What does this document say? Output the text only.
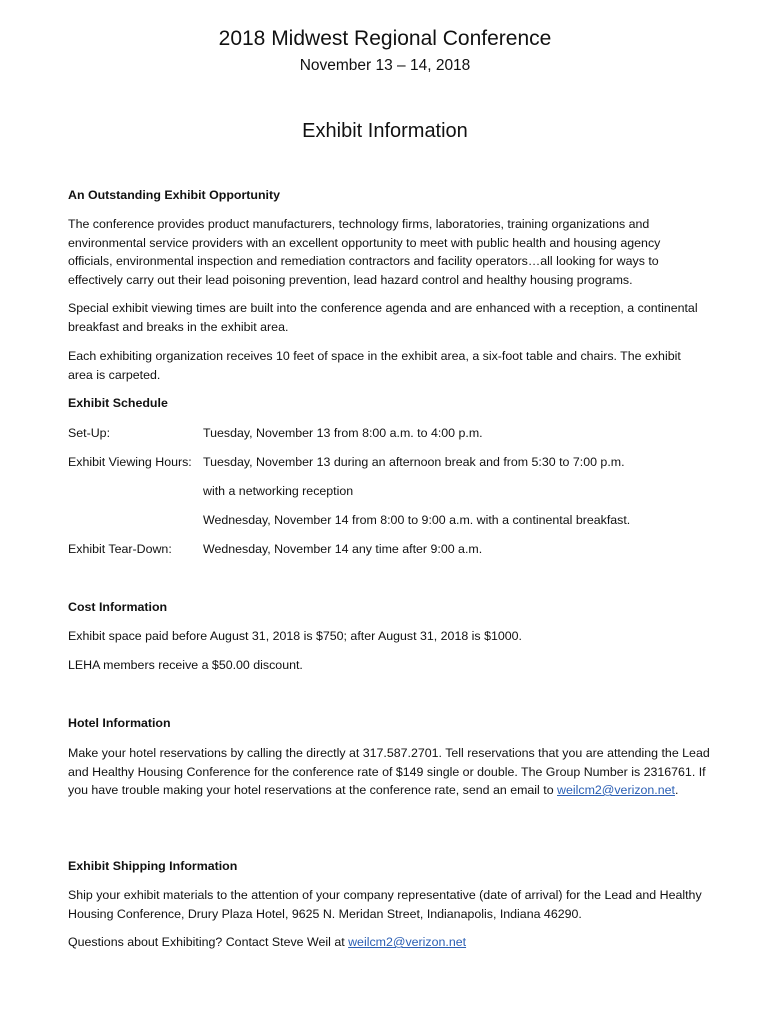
2018 Midwest Regional Conference
November 13 – 14, 2018
Exhibit Information
An Outstanding Exhibit Opportunity

The conference provides product manufacturers, technology firms, laboratories, training organizations and environmental service providers with an excellent opportunity to meet with public health and housing agency officials, environmental inspection and remediation contractors and facility operators…all looking for ways to effectively carry out their lead poisoning prevention, lead hazard control and healthy housing programs.

Special exhibit viewing times are built into the conference agenda and are enhanced with a reception, a continental breakfast and breaks in the exhibit area.

Each exhibiting organization receives 10 feet of space in the exhibit area, a six-foot table and chairs. The exhibit area is carpeted.

Exhibit Schedule
Set-Up:	Tuesday, November 13 from 8:00 a.m. to 4:00 p.m.
Exhibit Viewing Hours: Tuesday, November 13 during an afternoon break and from 5:30 to 7:00 p.m.
with a networking reception
Wednesday, November 14 from 8:00 to 9:00 a.m. with a continental breakfast.
Exhibit Tear-Down:	Wednesday, November 14 any time after 9:00 a.m.
Cost Information
Exhibit space paid before August 31, 2018 is $750; after August 31, 2018 is $1000.
LEHA members receive a $50.00 discount.
Hotel Information
Make your hotel reservations by calling the directly at 317.587.2701. Tell reservations that you are attending the Lead and Healthy Housing Conference for the conference rate of $149 single or double. The Group Number is 2316761. If you have trouble making your hotel reservations at the conference rate, send an email to weilcm2@verizon.net.
Exhibit Shipping Information

Ship your exhibit materials to the attention of your company representative (date of arrival) for the Lead and Healthy Housing Conference, Drury Plaza Hotel, 9625 N. Meridan Street, Indianapolis, Indiana 46290.

Questions about Exhibiting? Contact Steve Weil at weilcm2@verizon.net
